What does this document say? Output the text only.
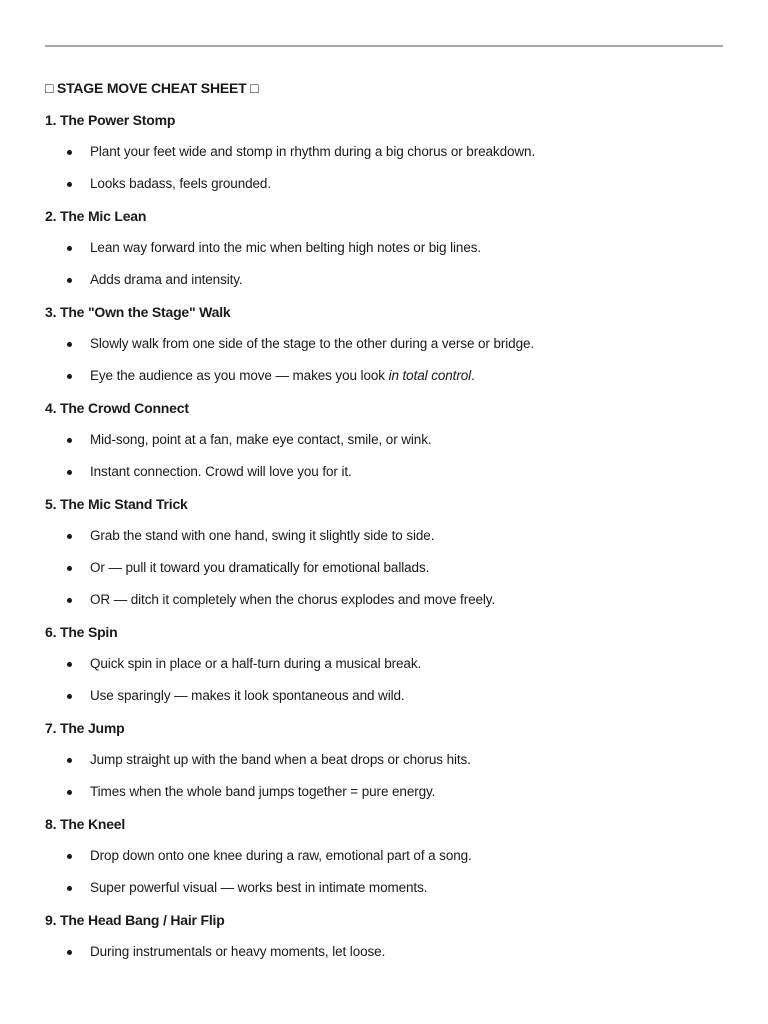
□ STAGE MOVE CHEAT SHEET □
1. The Power Stomp
Plant your feet wide and stomp in rhythm during a big chorus or breakdown.
Looks badass, feels grounded.
2. The Mic Lean
Lean way forward into the mic when belting high notes or big lines.
Adds drama and intensity.
3. The "Own the Stage" Walk
Slowly walk from one side of the stage to the other during a verse or bridge.
Eye the audience as you move — makes you look in total control.
4. The Crowd Connect
Mid-song, point at a fan, make eye contact, smile, or wink.
Instant connection. Crowd will love you for it.
5. The Mic Stand Trick
Grab the stand with one hand, swing it slightly side to side.
Or — pull it toward you dramatically for emotional ballads.
OR — ditch it completely when the chorus explodes and move freely.
6. The Spin
Quick spin in place or a half-turn during a musical break.
Use sparingly — makes it look spontaneous and wild.
7. The Jump
Jump straight up with the band when a beat drops or chorus hits.
Times when the whole band jumps together = pure energy.
8. The Kneel
Drop down onto one knee during a raw, emotional part of a song.
Super powerful visual — works best in intimate moments.
9. The Head Bang / Hair Flip
During instrumentals or heavy moments, let loose.
